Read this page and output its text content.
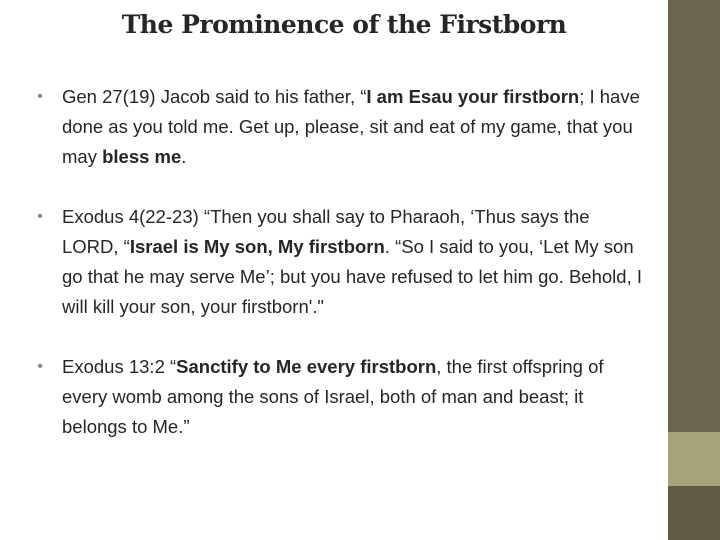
The Prominence of the Firstborn
•	Gen 27(19) Jacob said to his father, “I am Esau your firstborn; I have done as you told me. Get up, please, sit and eat of my game, that you may bless me.
•	Exodus 4(22-23) “Then you shall say to Pharaoh, ‘Thus says the LORD, “Israel is My son, My firstborn. “So I said to you, ‘Let My son go that he may serve Me’; but you have refused to let him go. Behold, I will kill your son, your firstborn'."
•	Exodus 13:2 “Sanctify to Me every firstborn, the first offspring of every womb among the sons of Israel, both of man and beast; it belongs to Me.”
